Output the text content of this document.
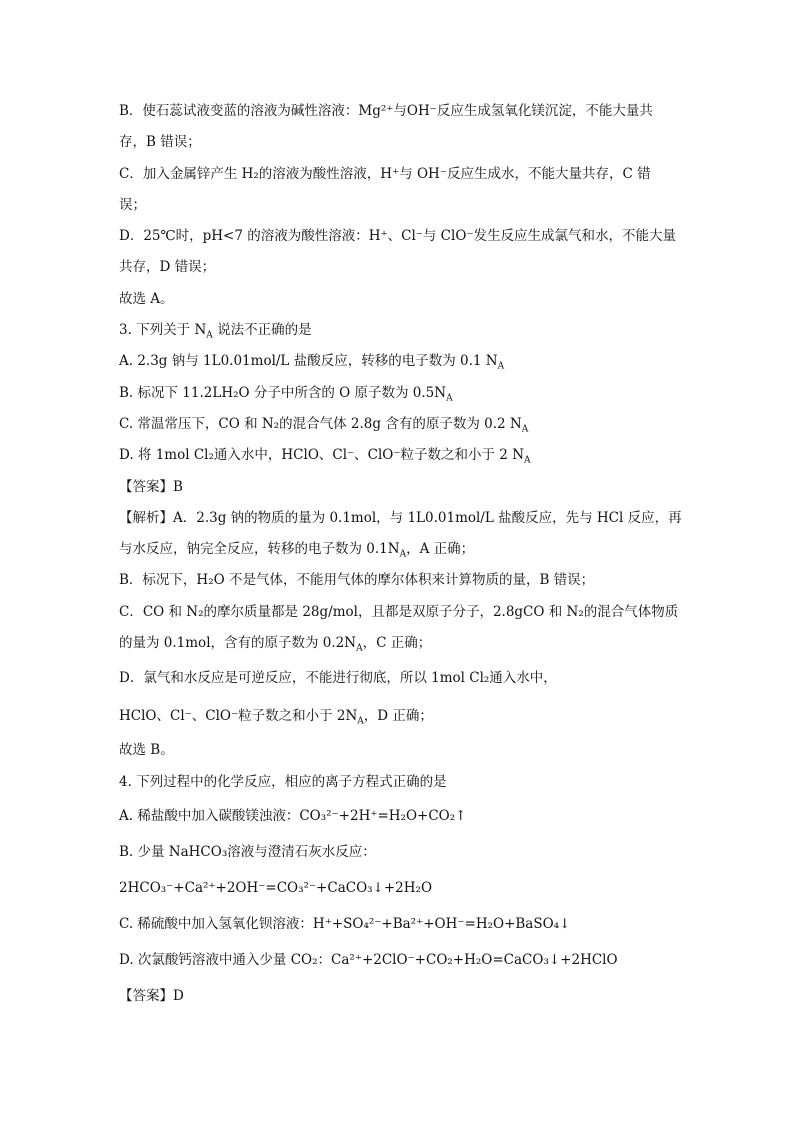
B．使石蕊试液变蓝的溶液为碱性溶液：Mg²⁺与OH⁻反应生成氢氧化镁沉淀，不能大量共
存，B 错误；
C．加入金属锌产生 H₂的溶液为酸性溶液，H⁺与 OH⁻反应生成水，不能大量共存，C 错
误；
D．25℃时，pH<7 的溶液为酸性溶液：H⁺、Cl⁻与 ClO⁻发生反应生成氯气和水，不能大量
共存，D 错误；
故选 A。
3. 下列关于 $N_A$ 说法不正确的是
A. 2.3g 钠与 1L0.01mol/L 盐酸反应，转移的电子数为 0.1 $N_A$
B. 标况下 11.2LH₂O 分子中所含的 O 原子数为 $0.5N_A$
C. 常温常压下，CO 和 N₂的混合气体 2.8g 含有的原子数为 0.2 $N_A$
D. 将 1mol Cl₂通入水中，HClO、Cl⁻、ClO⁻粒子数之和小于 2 $N_A$
【答案】B
【解析】A．2.3g 钠的物质的量为 0.1mol，与 1L0.01mol/L 盐酸反应，先与 HCl 反应，再
与水反应，钠完全反应，转移的电子数为 $0.1N_A$，A 正确；
B．标况下，H₂O 不是气体，不能用气体的摩尔体积来计算物质的量，B 错误；
C．CO 和 N₂的摩尔质量都是 28g/mol，且都是双原子分子，2.8gCO 和 N₂的混合气体物质
的量为 0.1mol，含有的原子数为 $0.2N_A$，C 正确；
D．氯气和水反应是可逆反应，不能进行彻底，所以 1mol Cl₂通入水中，
HClO、Cl⁻、ClO⁻粒子数之和小于 $2N_A$，D 正确；
故选 B。
4. 下列过程中的化学反应，相应的离子方程式正确的是
A. 稀盐酸中加入碳酸镁浊液：CO₃²⁻+2H⁺=H₂O+CO₂↑
B. 少量 NaHCO₃溶液与澄清石灰水反应：
2HCO₃⁻+Ca²⁺+2OH⁻=CO₃²⁻+CaCO₃↓+2H₂O
C. 稀硫酸中加入氢氧化钡溶液：H⁺+SO₄²⁻+Ba²⁺+OH⁻=H₂O+BaSO₄↓
D. 次氯酸钙溶液中通入少量 CO₂：Ca²⁺+2ClO⁻+CO₂+H₂O=CaCO₃↓+2HClO
【答案】D
